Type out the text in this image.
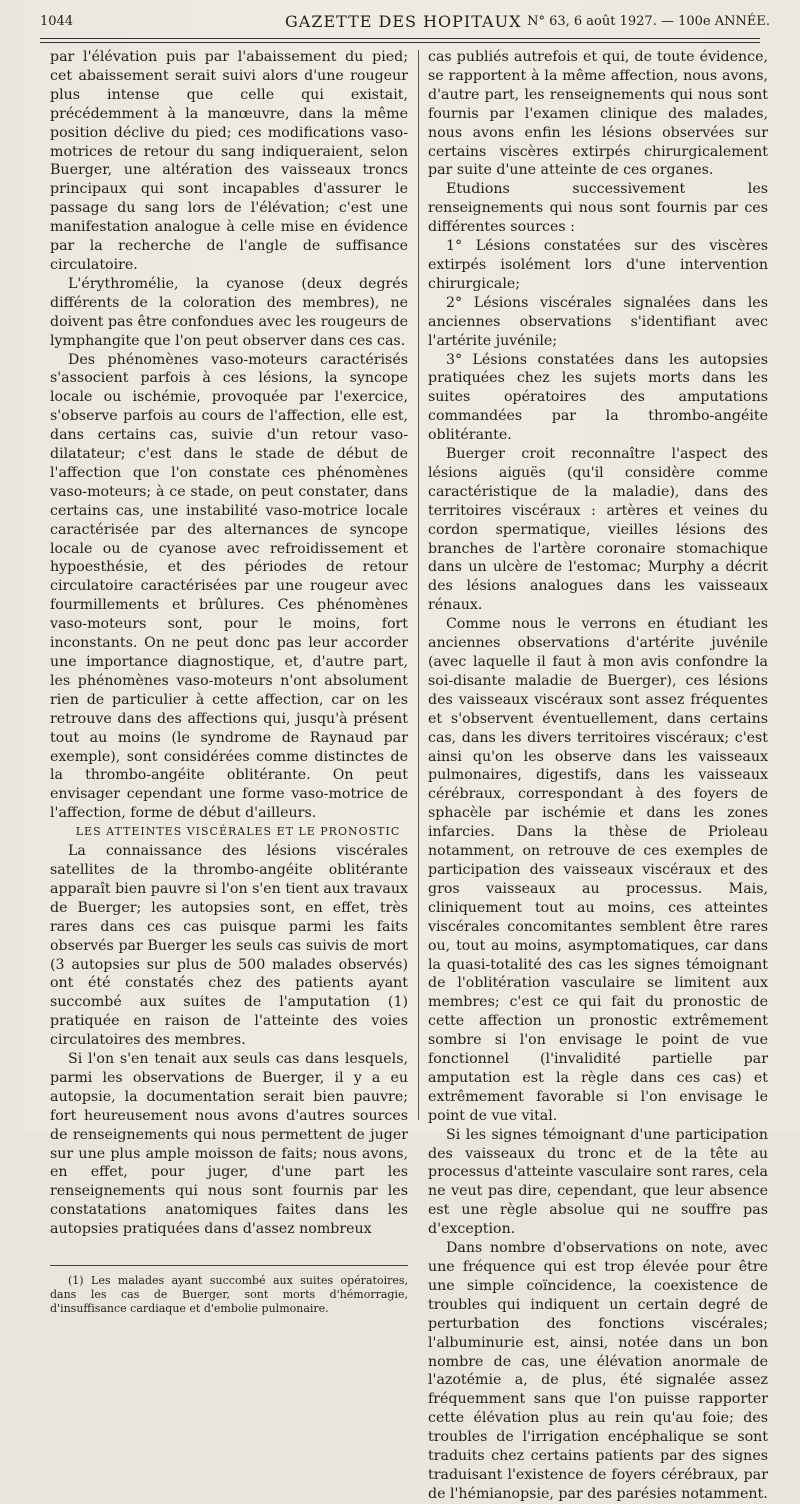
1044	GAZETTE DES HOPITAUX N° 63, 6 août 1927. — 100e ANNÉE.

par l'élévation puis par l'abaissement du pied; cet abaissement serait suivi alors d'une rougeur plus intense que celle qui existait, précédemment à la manœuvre, dans la même position déclive du pied; ces modifications vaso-motrices de retour du sang indiqueraient, selon Buerger, une altération des vaisseaux troncs principaux qui sont incapables d'assurer le passage du sang lors de l'élévation; c'est une manifestation analogue à celle mise en évidence par la recherche de l'angle de suffisance circulatoire.

L'érythromélie, la cyanose (deux degrés différents de la coloration des membres), ne doivent pas être confondues avec les rougeurs de lymphangite que l'on peut observer dans ces cas.

Des phénomènes vaso-moteurs caractérisés s'associent parfois à ces lésions, la syncope locale ou ischémie, provoquée par l'exercice, s'observe parfois au cours de l'affection, elle est, dans certains cas, suivie d'un retour vaso-dilatateur; c'est dans le stade de début de l'affection que l'on constate ces phénomènes vaso-moteurs; à ce stade, on peut constater, dans certains cas, une instabilité vaso-motrice locale caractérisée par des alternances de syncope locale ou de cyanose avec refroidissement et hypoesthésie, et des périodes de retour circulatoire caractérisées par une rougeur avec fourmillements et brûlures. Ces phénomènes vaso-moteurs sont, pour le moins, fort inconstants. On ne peut donc pas leur accorder une importance diagnostique, et, d'autre part, les phénomènes vaso-moteurs n'ont absolument rien de particulier à cette affection, car on les retrouve dans des affections qui, jusqu'à présent tout au moins (le syndrome de Raynaud par exemple), sont considérées comme distinctes de la thrombo-angéite oblitérante. On peut envisager cependant une forme vaso-motrice de l'affection, forme de début d'ailleurs.

LES ATTEINTES VISCÉRALES ET LE PRONOSTIC

La connaissance des lésions viscérales satellites de la thrombo-angéite oblitérante apparaît bien pauvre si l'on s'en tient aux travaux de Buerger; les autopsies sont, en effet, très rares dans ces cas puisque parmi les faits observés par Buerger les seuls cas suivis de mort (3 autopsies sur plus de 500 malades observés) ont été constatés chez des patients ayant succombé aux suites de l'amputation (1) pratiquée en raison de l'atteinte des voies circulatoires des membres.

Si l'on s'en tenait aux seuls cas dans lesquels, parmi les observations de Buerger, il y a eu autopsie, la documentation serait bien pauvre; fort heureusement nous avons d'autres sources de renseignements qui nous permettent de juger sur une plus ample moisson de faits; nous avons, en effet, pour juger, d'une part les renseignements qui nous sont fournis par les constatations anatomiques faites dans les autopsies pratiquées dans d'assez nombreux

(1) Les malades ayant succombé aux suites opératoires, dans les cas de Buerger, sont morts d'hémorragie, d'insuffisance cardiaque et d'embolie pulmonaire.

cas publiés autrefois et qui, de toute évidence, se rapportent à la même affection, nous avons, d'autre part, les renseignements qui nous sont fournis par l'examen clinique des malades, nous avons enfin les lésions observées sur certains viscères extirpés chirurgicalement par suite d'une atteinte de ces organes.

Etudions successivement les renseignements qui nous sont fournis par ces différentes sources :

1° Lésions constatées sur des viscères extirpés isolément lors d'une intervention chirurgicale;

2° Lésions viscérales signalées dans les anciennes observations s'identifiant avec l'artérite juvénile;

3° Lésions constatées dans les autopsies pratiquées chez les sujets morts dans les suites opératoires des amputations commandées par la thrombo-angéite oblitérante.

Buerger croit reconnaître l'aspect des lésions aiguës (qu'il considère comme caractéristique de la maladie), dans des territoires viscéraux : artères et veines du cordon spermatique, vieilles lésions des branches de l'artère coronaire stomachique dans un ulcère de l'estomac; Murphy a décrit des lésions analogues dans les vaisseaux rénaux.

Comme nous le verrons en étudiant les anciennes observations d'artérite juvénile (avec laquelle il faut à mon avis confondre la soi-disante maladie de Buerger), ces lésions des vaisseaux viscéraux sont assez fréquentes et s'observent éventuellement, dans certains cas, dans les divers territoires viscéraux; c'est ainsi qu'on les observe dans les vaisseaux pulmonaires, digestifs, dans les vaisseaux cérébraux, correspondant à des foyers de sphacèle par ischémie et dans les zones infarcies. Dans la thèse de Prioleau notamment, on retrouve de ces exemples de participation des vaisseaux viscéraux et des gros vaisseaux au processus. Mais, cliniquement tout au moins, ces atteintes viscérales concomitantes semblent être rares ou, tout au moins, asymptomatiques, car dans la quasi-totalité des cas les signes témoignant de l'oblitération vasculaire se limitent aux membres; c'est ce qui fait du pronostic de cette affection un pronostic extrêmement sombre si l'on envisage le point de vue fonctionnel (l'invalidité partielle par amputation est la règle dans ces cas) et extrêmement favorable si l'on envisage le point de vue vital.

Si les signes témoignant d'une participation des vaisseaux du tronc et de la tête au processus d'atteinte vasculaire sont rares, cela ne veut pas dire, cependant, que leur absence est une règle absolue qui ne souffre pas d'exception.

Dans nombre d'observations on note, avec une fréquence qui est trop élevée pour être une simple coïncidence, la coexistence de troubles qui indiquent un certain degré de perturbation des fonctions viscérales; l'albuminurie est, ainsi, notée dans un bon nombre de cas, une élévation anormale de l'azotémie a, de plus, été signalée assez fréquemment sans que l'on puisse rapporter cette élévation plus au rein qu'au foie; des troubles de l'irrigation encéphalique se sont traduits chez certains patients par des signes traduisant l'existence de foyers cérébraux, par de l'hémianopsie, par des parésies notamment.
